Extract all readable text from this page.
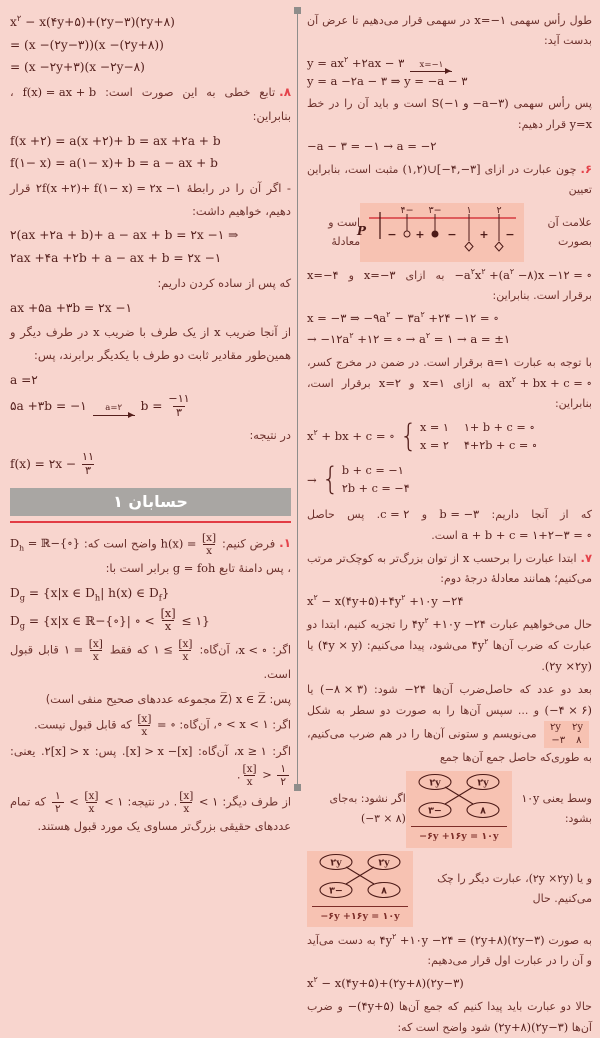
$x^۲$ − x(۴y+۵)+(۲y−۳)(۲y+۸)
= (x −(۲y−۳))(x −(۲y+۸))
= (x −۲y+۳)(x −۲y−۸)
۸.تابع خطی به این صورت است: f(x) = ax + b ، بنابراین:
f(x +۲) = a(x +۲)+ b = ax +۲a + b
f(۱− x) = a(۱− x)+ b = a − ax + b
- اگر آن را در رابطهٔ ۲f(x +۲)+ f(۱− x) = ۲x −۱ قرار دهیم، خواهیم داشت:
۲(ax +۲a + b)+ a − ax + b = ۲x −۱ ⇒
۲ax +۴a +۲b + a − ax + b = ۲x −۱
که پس از ساده کردن داریم:
ax +۵a +۳b = ۲x −۱
از آنجا ضریب x از یک طرف با ضریب x در طرف دیگر و همین‌طور مقادیر ثابت دو طرف با یکدیگر برابرند، پس:
a =۲
۵a +۳b = −۱ a=۲ $b = \frac{-۱۱}{۳}$
در نتیجه:
f(x) = ۲x − $\frac{۱۱}{۳}$
حسابان ۱
۱.فرض کنیم: $h(x) = \frac{[x]}{x}$
واضح است که: $D_h$ = ℝ−{∘}، پس دامنهٔ تابع g = foh برابر است با:
$D_g = \{x|x$ ∈ $D_h|$ h(x) ∈ $D_f$}
$D_g = \{x|x$ ∈ ℝ−{∘}| ∘ < $\frac{[x]}{x}$ ≤ ۱}
اگر: x < ∘، آن‌گاه: ۱ ≤ $\frac{[x]}{x}$
که فقط ۱ = $\frac{[x]}{x}$
قابل قبول است.
پس: x ∈ Z̅ (Z̅ مجموعه عددهای صحیح منفی است)
اگر: ∘ < x < ۱، آن‌گاه:
$\frac{[x]}{x}$ = ∘ که قابل قبول نیست.
اگر: x ≥ ۱، آن‌گاه: [x] > x −[x]. پس: ۲[x] > x. یعنی:
$\frac{[x]}{x} > \frac{۱}{۲}$
.
از طرف دیگر:
$\frac{[x]}{x}$ < ۱. در نتیجه:
$\frac{۱}{۲} < \frac{[x]}{x}$ < ۱ که تمام عددهای حقیقی بزرگ‌تر مساوی یک مورد قبول هستند.
طول رأس سهمی x=−۱ در سهمی قرار می‌دهیم تا عرض آن بدست آید:
$y = ax^۲$ +۲ax − ۳ x=−۱
y = a −۲a − ۳ ⇒ y = −a − ۳
پس رأس سهمی S(−۱ و −a−۳) است و باید آن را در خط y=x قرار دهیم:
−a − ۳ = −۱ → a = −۲
۶.چون عبارت در ازای (۱,۲)∪[−۴,−۳] مثبت است، بنابراین تعیین
علامت آن بصورت
P
−۴ −۳	۱	۲
− + − + −
است و معادلهٔ
$-a^۲x^۲ +(a^۲$ −۸)x −۱۲ = ∘ به ازای x=−۳ و x=−۴ برقرار است. بنابراین:
x = −۳ ⇒ $-۹a^۲$ − $۳a^۲$ +۲۴ −۱۲ = ∘
→ $-۱۲a^۲$ +۱۲ = ∘ → $a^۲$ = ۱ → a = ±۱
با توجه به عبارت a=۱ برقرار است. در ضمن در مخرج کسر، $ax^۲$ + bx + c = ∘ به ازای x=۱ و x=۲ برقرار است، بنابراین:
$x^۲$ + bx + c = ∘ { x = ۱ ۱+ b + c = ∘
x = ۲ ۴+۲b + c = ∘
→ { b + c = −۱
۲b + c = −۴
که از آنجا داریم: b = −۳ و c = ۲. پس حاصل a + b + c = ۱+۲−۳ = ∘ است.
۷.ابتدا عبارت را برحسب x از توان بزرگ‌تر به کوچک‌تر مرتب می‌کنیم؛ همانند معادلهٔ درجهٔ دوم:
$x^۲$ − $x(۴y+۵)+۴y^۲$ +۱۰y −۲۴
حال می‌خواهیم عبارت $۴y^۲$ +۱۰y −۲۴ را تجزیه کنیم، ابتدا دو عبارت که ضرب آن‌ها $۴y^۲$ می‌شود، پیدا می‌کنیم: (۴y × y) یا (۲y ×۲y).
بعد دو عدد که حاصل‌ضرب آن‌ها −۲۴ شود: (−۸ × ۳) یا (−۴ × ۶) و ... سپس آن‌ها را به صورت دو سطر به شکل
۲y ۲y
−۳ ۸
می‌نویسم و ستونی آن‌ها را در هم ضرب می‌کنیم، به طوری‌که حاصل جمع آن‌ها جمع
وسط یعنی ۱۰y بشود:
۲y	۲y
−۳	۸
−۶y +۱۶y = ۱۰y
اگر نشود: به‌جای (−۳ × ۸)
و یا (۲y ×۲y)، عبارت دیگر را چک می‌کنیم. حال
۲y	۲y
−۳	۸
−۶y +۱۶y = ۱۰y
به صورت $۴y^۲$ +۱۰y −۲۴ = (۲y+۸)(۲y−۳) به دست می‌آید و آن را در عبارت اول قرار می‌دهیم:
$x^۲$ − x(۴y+۵)+(۲y+۸)(۲y−۳)
حالا دو عبارت باید پیدا کنیم که جمع آن‌ها −(۴y+۵) و ضرب آن‌ها (۲y+۸)(۲y−۳) شود واضح است که:
